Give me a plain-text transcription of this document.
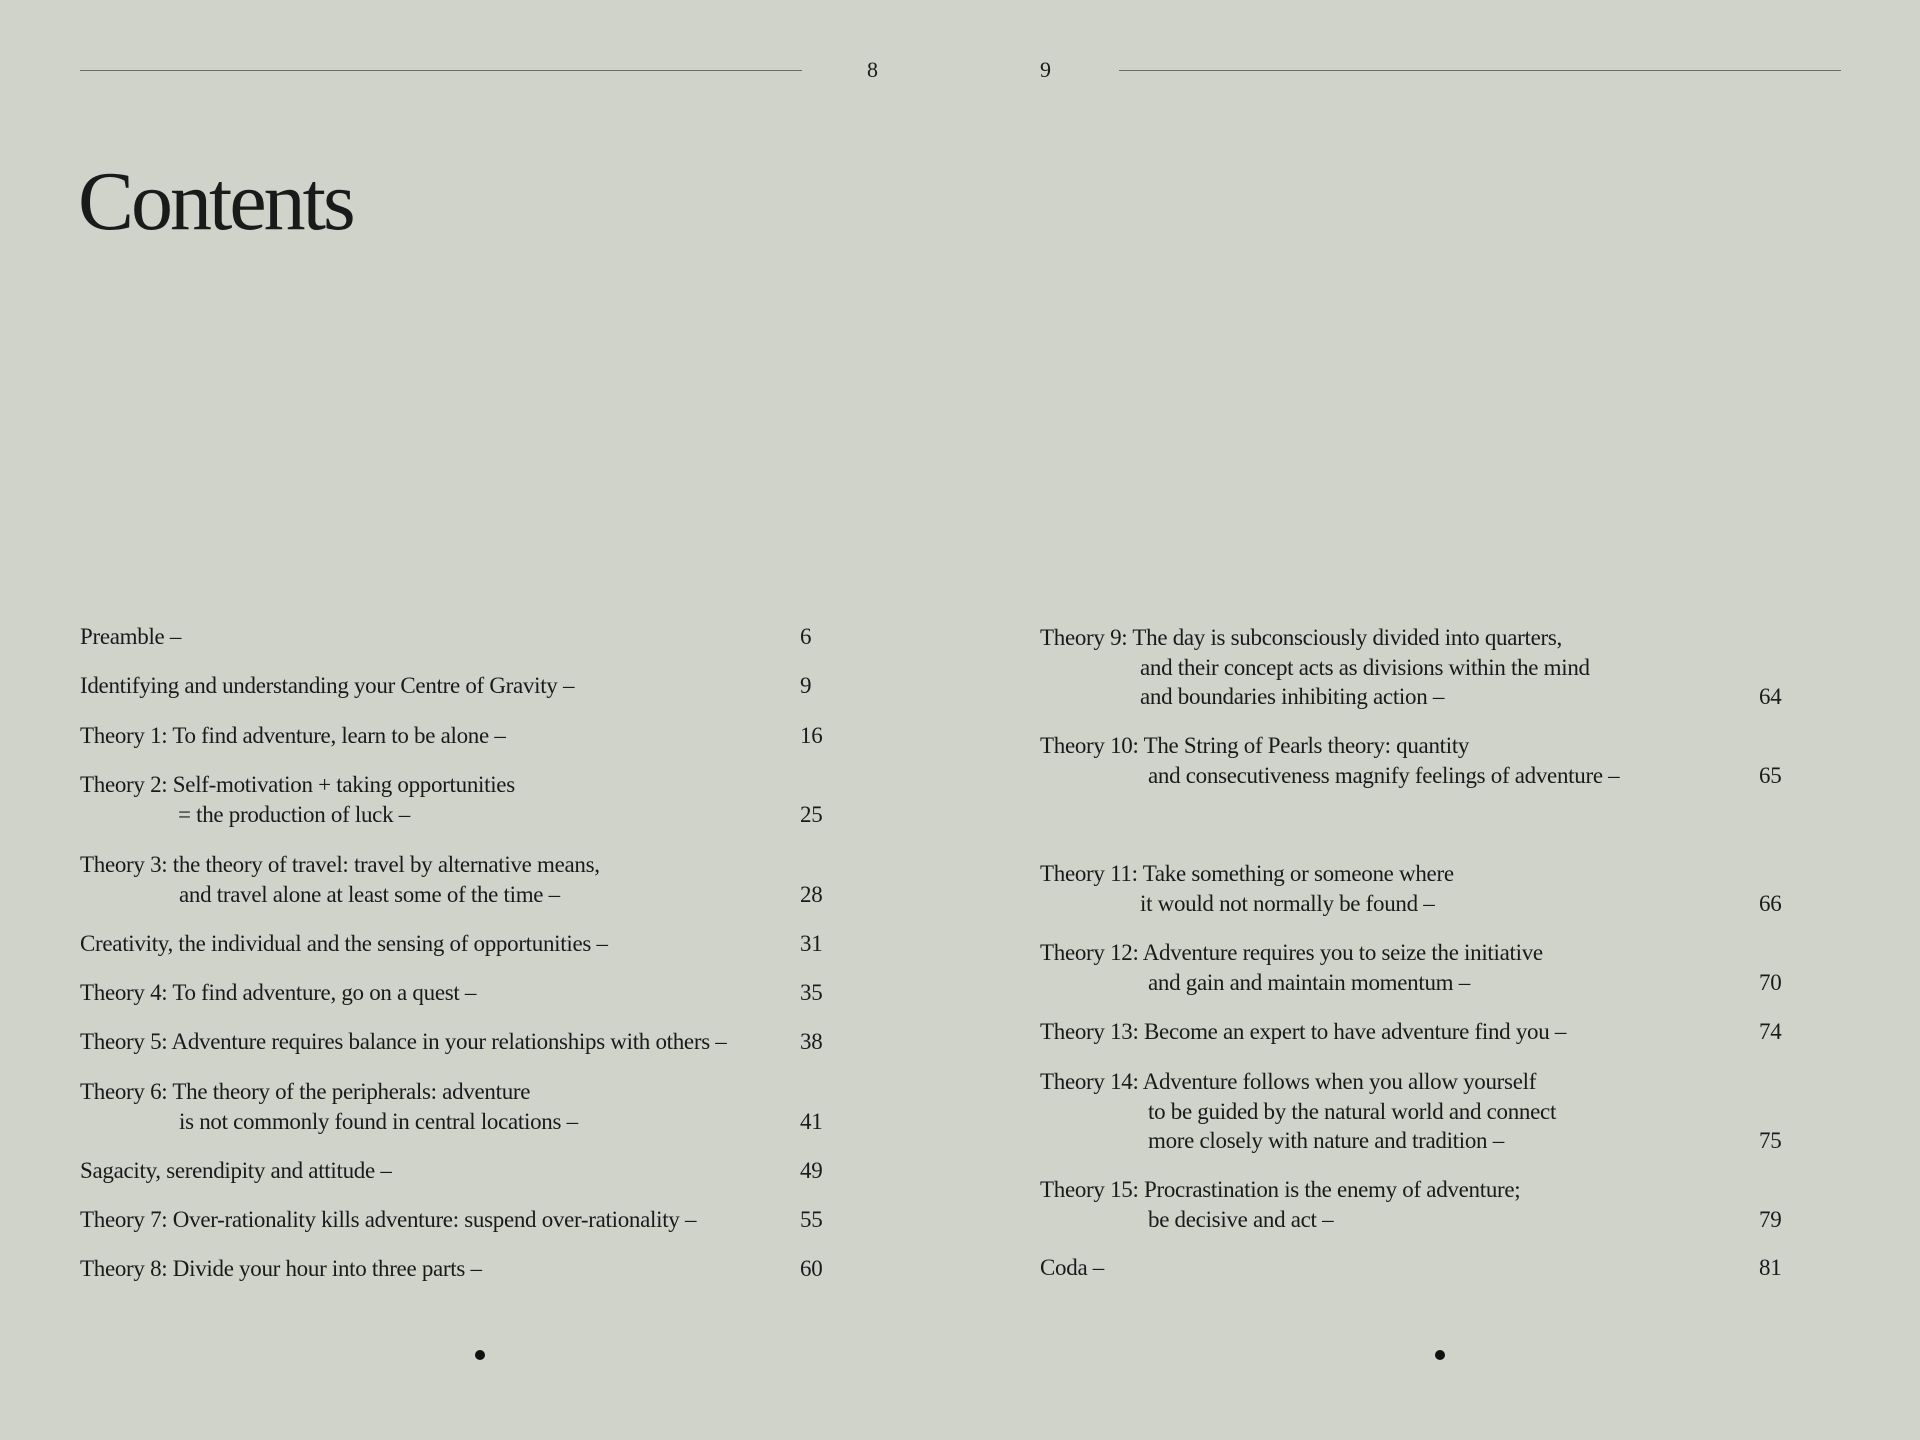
8	9
Contents
Preamble –	6
Identifying and understanding your Centre of Gravity –	9
Theory 1: To find adventure, learn to be alone –	16
Theory 2: Self-motivation + taking opportunities
= the production of luck –	25
Theory 3: the theory of travel: travel by alternative means,
and travel alone at least some of the time –	28
Creativity, the individual and the sensing of opportunities –	31
Theory 4: To find adventure, go on a quest –	35
Theory 5: Adventure requires balance in your relationships with others –	38
Theory 6: The theory of the peripherals: adventure
is not commonly found in central locations –	41
Sagacity, serendipity and attitude –	49
Theory 7: Over-rationality kills adventure: suspend over-rationality –	55
Theory 8: Divide your hour into three parts –	60
Theory 9: The day is subconsciously divided into quarters,
and their concept acts as divisions within the mind
and boundaries inhibiting action –	64
Theory 10: The String of Pearls theory: quantity
and consecutiveness magnify feelings of adventure –	65
Theory 11: Take something or someone where
it would not normally be found –	66
Theory 12: Adventure requires you to seize the initiative
and gain and maintain momentum –	70
Theory 13: Become an expert to have adventure find you –	74
Theory 14: Adventure follows when you allow yourself
to be guided by the natural world and connect
more closely with nature and tradition –	75
Theory 15: Procrastination is the enemy of adventure;
be decisive and act –	79
Coda –	81
